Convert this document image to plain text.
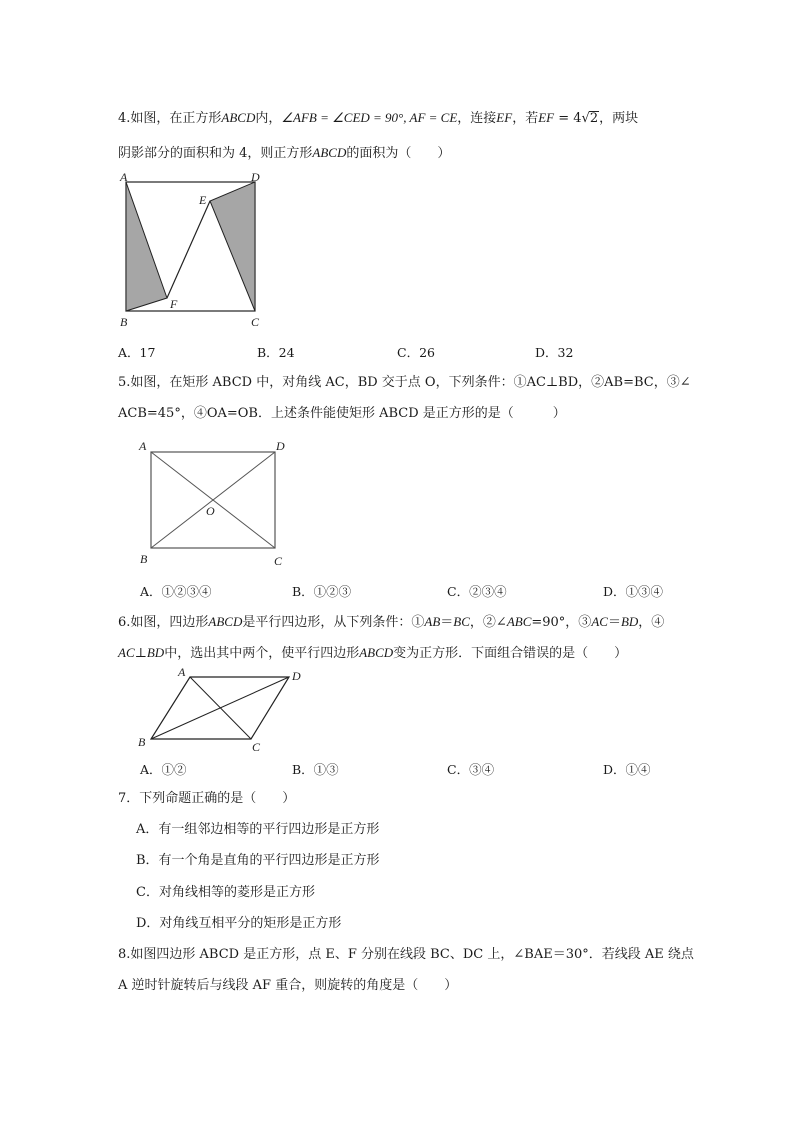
4.如图，在正方形ABCD内，∠AFB = ∠CED = 90°, AF = CE，连接EF，若EF = 4√2，两块
阴影部分的面积和为 4，则正方形ABCD的面积为（　　）
A	D
E
F
B	C
A．17	B．24	C．26	D．32
5.如图，在矩形 ABCD 中，对角线 AC，BD 交于点 O，下列条件：①AC⊥BD，②AB=BC，③∠
ACB=45°，④OA=OB．上述条件能使矩形 ABCD 是正方形的是（　　　）
A	D
O
B	C
A．①②③④	B．①②③	C．②③④	D．①③④
6.如图，四边形ABCD是平行四边形，从下列条件：①AB＝BC，②∠ABC=90°，③AC＝BD，④
AC⊥BD中，选出其中两个，使平行四边形ABCD变为正方形．下面组合错误的是（　　）
A	D
B	C
A．①②	B．①③	C．③④	D．①④
7．下列命题正确的是（　　）
A．有一组邻边相等的平行四边形是正方形
B．有一个角是直角的平行四边形是正方形
C．对角线相等的菱形是正方形
D．对角线互相平分的矩形是正方形
8.如图四边形 ABCD 是正方形，点 E、F 分别在线段 BC、DC 上，∠BAE＝30°．若线段 AE 绕点
A 逆时针旋转后与线段 AF 重合，则旋转的角度是（　　）
